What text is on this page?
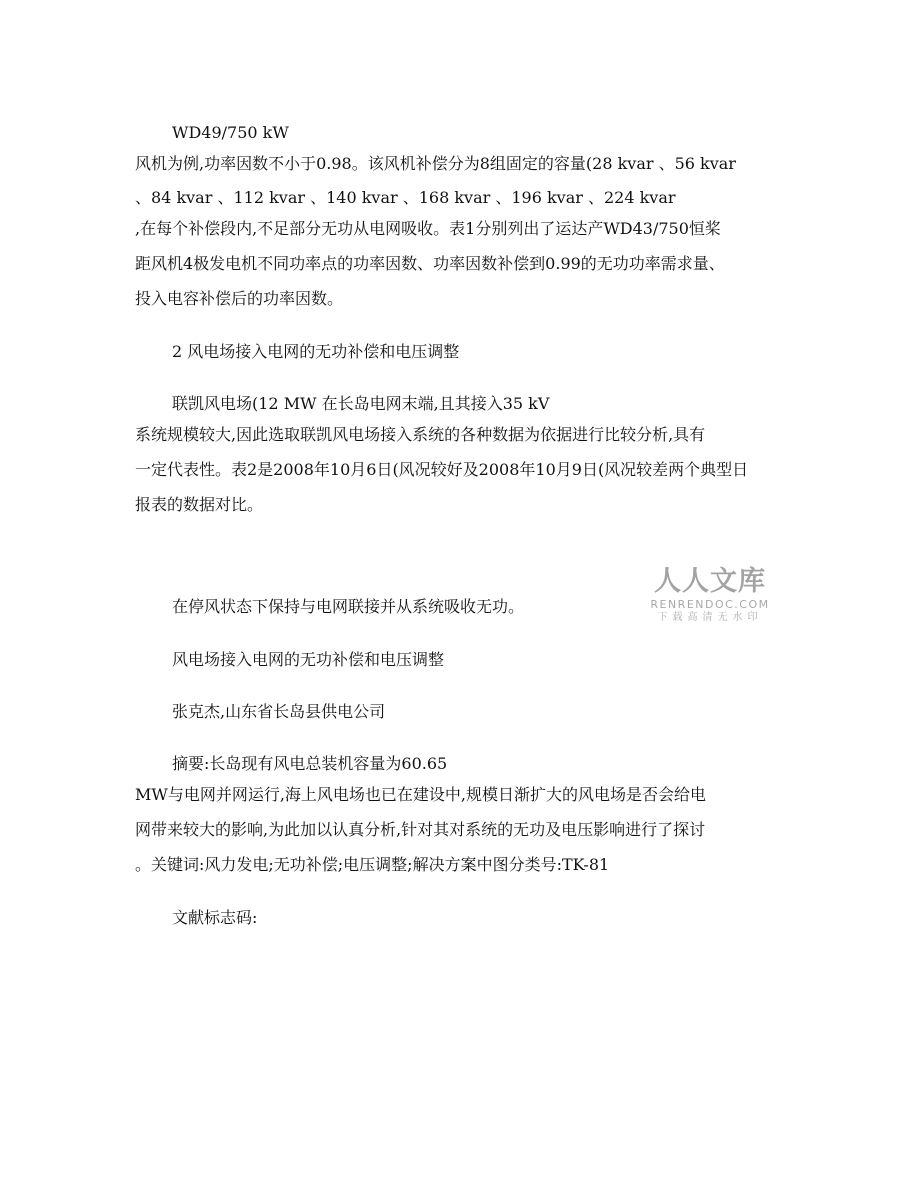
WD49/750 kW
风机为例,功率因数不小于0.98。该风机补偿分为8组固定的容量(28 kvar 、56 kvar
、84 kvar 、112 kvar 、140 kvar 、168 kvar 、196 kvar 、224 kvar
,在每个补偿段内,不足部分无功从电网吸收。表1分别列出了运达产WD43/750恒桨
距风机4极发电机不同功率点的功率因数、功率因数补偿到0.99的无功功率需求量、
投入电容补偿后的功率因数。
2 风电场接入电网的无功补偿和电压调整
联凯风电场(12 MW 在长岛电网末端,且其接入35 kV
系统规模较大,因此选取联凯风电场接入系统的各种数据为依据进行比较分析,具有
一定代表性。表2是2008年10月6日(风况较好及2008年10月9日(风况较差两个典型日
报表的数据对比。
在停风状态下保持与电网联接并从系统吸收无功。
风电场接入电网的无功补偿和电压调整
张克杰,山东省长岛县供电公司
摘要:长岛现有风电总装机容量为60.65
MW与电网并网运行,海上风电场也已在建设中,规模日渐扩大的风电场是否会给电
网带来较大的影响,为此加以认真分析,针对其对系统的无功及电压影响进行了探讨
。关键词:风力发电;无功补偿;电压调整;解决方案中图分类号:TK-81
文献标志码:
人人文库
RENRENDOC.COM
下载高清无水印
